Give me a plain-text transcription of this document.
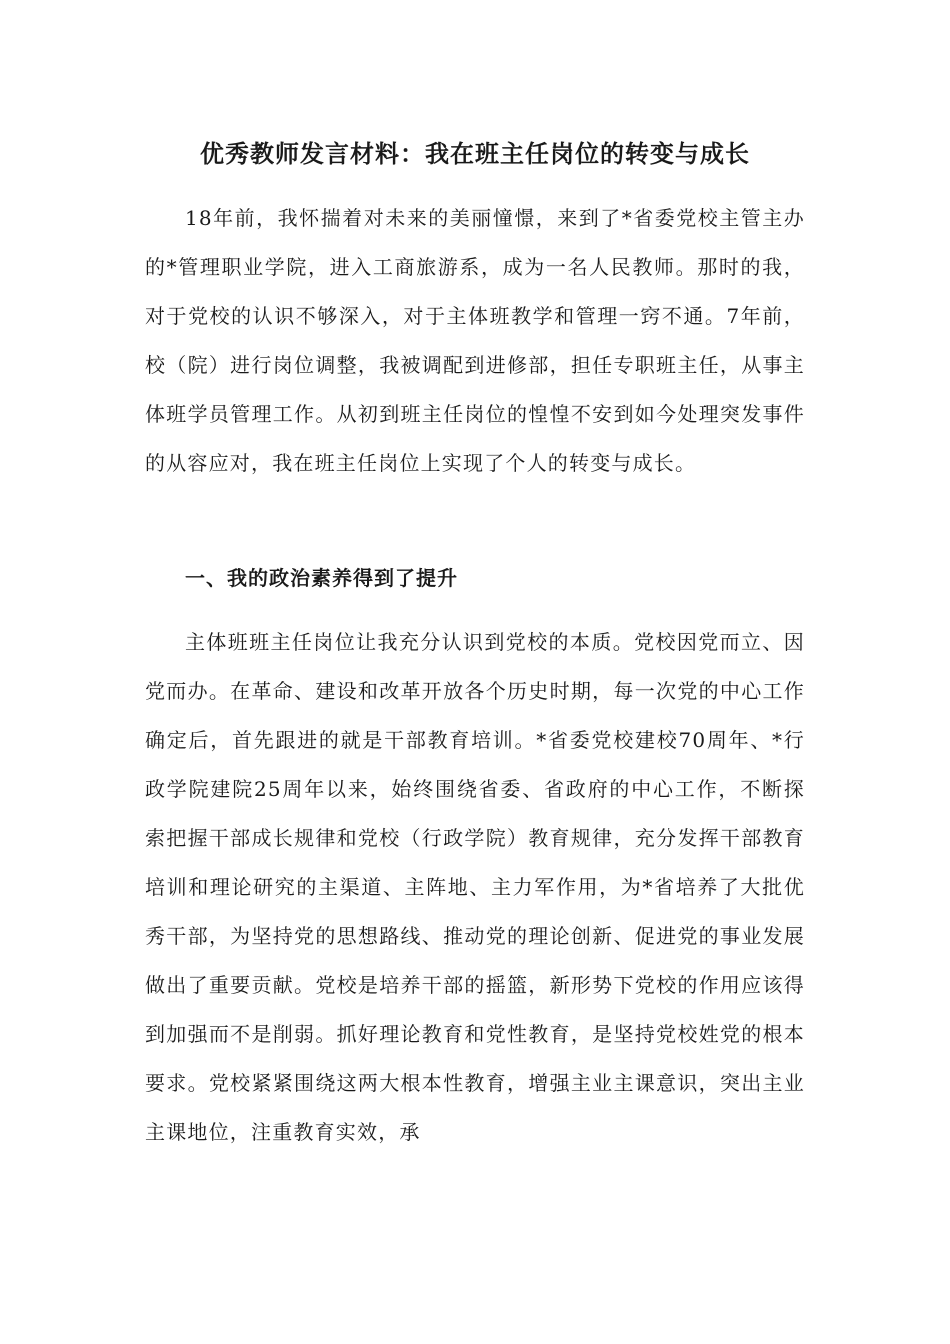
优秀教师发言材料：我在班主任岗位的转变与成长

18年前，我怀揣着对未来的美丽憧憬，来到了*省委党校主管主办的*管理职业学院，进入工商旅游系，成为一名人民教师。那时的我，对于党校的认识不够深入，对于主体班教学和管理一窍不通。7年前，校（院）进行岗位调整，我被调配到进修部，担任专职班主任，从事主体班学员管理工作。从初到班主任岗位的惶惶不安到如今处理突发事件的从容应对，我在班主任岗位上实现了个人的转变与成长。

一、我的政治素养得到了提升

主体班班主任岗位让我充分认识到党校的本质。党校因党而立、因党而办。在革命、建设和改革开放各个历史时期，每一次党的中心工作确定后，首先跟进的就是干部教育培训。*省委党校建校70周年、*行政学院建院25周年以来，始终围绕省委、省政府的中心工作，不断探索把握干部成长规律和党校（行政学院）教育规律，充分发挥干部教育培训和理论研究的主渠道、主阵地、主力军作用，为*省培养了大批优秀干部，为坚持党的思想路线、推动党的理论创新、促进党的事业发展做出了重要贡献。党校是培养干部的摇篮，新形势下党校的作用应该得到加强而不是削弱。抓好理论教育和党性教育，是坚持党校姓党的根本要求。党校紧紧围绕这两大根本性教育，增强主业主课意识，突出主业主课地位，注重教育实效，承
